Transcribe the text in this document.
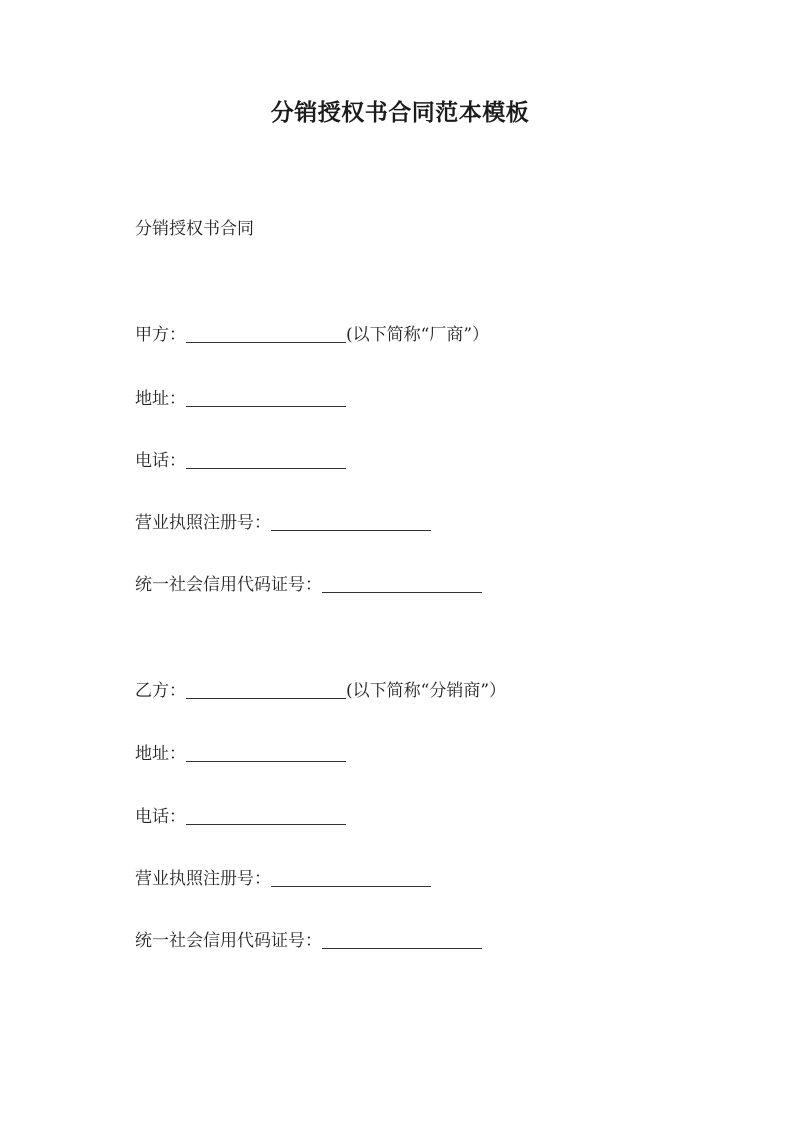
分销授权书合同范本模板
分销授权书合同
甲方：	(以下简称“厂商”）
地址：
电话：
营业执照注册号：
统一社会信用代码证号：
乙方：	(以下简称“分销商”）
地址：
电话：
营业执照注册号：
统一社会信用代码证号：
